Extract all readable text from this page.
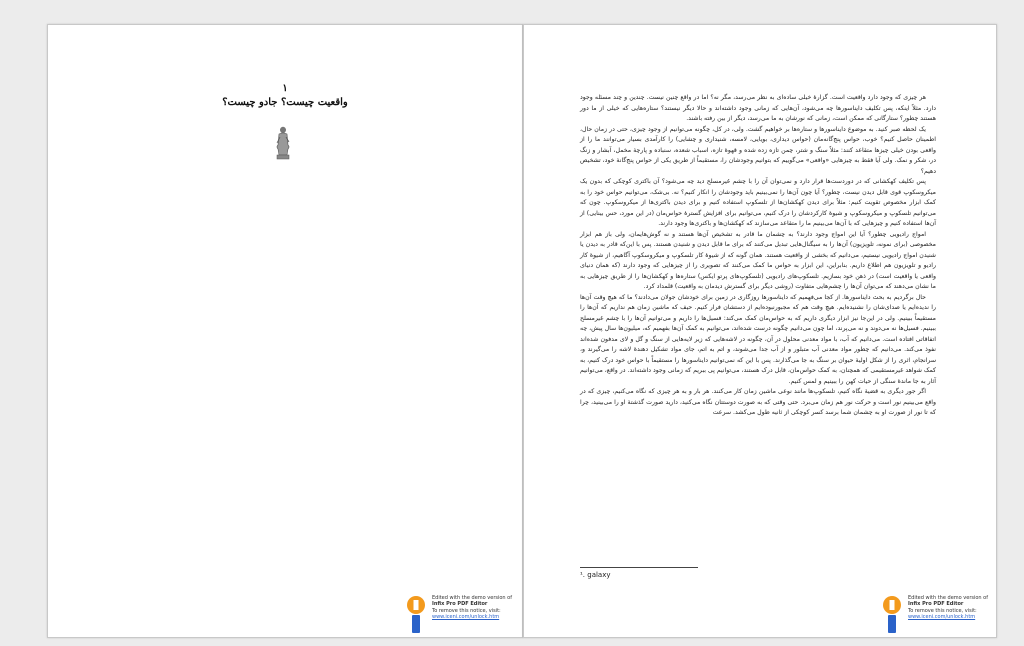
۱
واقعیت چیست؟ جادو چیست؟
Edited with the demo version of
Infix Pro PDF Editor
To remove this notice, visit:
www.iceni.com/unlock.htm

هر چیزی که وجود دارد واقعیت است. گزارۀ خیلی ساده‌ای به نظر می‌رسد، مگر نه؟ اما در واقع چنین نیست. چندین و چند مسئله وجود دارد. مثلاً اینکه، پس تکلیف دایناسورها چه می‌شود، آن‌هایی که زمانی وجود داشته‌اند و حالا دیگر نیستند؟ ستاره‌هایی که خیلی از ما دور هستند چطور؟ ستارگانی که ممکن است، زمانی که نورشان به ما می‌رسد، دیگر از بین رفته باشند.

یک لحظه صبر کنید. به موضوع دایناسورها و ستاره‌ها بر خواهیم گشت. ولی، در کل، چگونه می‌توانیم از وجود چیزی، حتی در زمان حال، اطمینان حاصل کنیم؟ خوب، حواس پنج‌گانه‌مان (حواس دیداری، بویایی، لامسه، شنیداری و چشایی) را کارآمدی بسیار می‌توانند ما را از واقعی بودن خیلی چیزها متقاعد کنند: مثلاً سنگ و شتر، چمن تازه زده شده و قهوۀ تازه، اسباب شعده، سنباده و پارچۀ مخمل، آبشار و زنگ در، شکر و نمک. ولی آیا فقط به چیزهایی «واقعی» می‌گوییم که بتوانیم وجودشان را، مستقیماً از طریق یکی از حواس پنج‌گانۀ خود، تشخیص دهیم؟

پس تکلیف کهکشانی که در دوردست‌ها قرار دارد و نمی‌توان آن را با چشم غیرمسلح دید چه می‌شود؟ آن باکتری کوچکی که بدون یک میکروسکوپ قوی قابل دیدن نیست، چطور؟ آیا چون آن‌ها را نمی‌بینیم باید وجودشان را انکار کنیم؟ نه. بی‌شک، می‌توانیم حواس خود را به کمک ابزار مخصوص تقویت کنیم: مثلاً برای دیدن کهکشان‌ها از تلسکوپ استفاده کنیم و برای دیدن باکتری‌ها از میکروسکوپ. چون که می‌توانیم تلسکوپ و میکروسکوپ و شیوۀ کارکردشان را درک کنیم، می‌توانیم برای افزایش گسترۀ حواس‌مان (در این مورد، حس بینایی) از آن‌ها استفاده کنیم و چیزهایی که با آن‌ها می‌بینیم ما را متقاعد می‌سازند که کهکشان‌ها و باکتری‌ها وجود دارند.

امواج رادیویی چطور؟ آیا این امواج وجود دارند؟ به چشمان ما قادر به تشخیص آن‌ها هستند و نه گوش‌هایمان، ولی باز هم ابزار مخصوصی (برای نمونه، تلویزیون) آن‌ها را به سیگنال‌هایی تبدیل می‌کنند که برای ما قابل دیدن و شنیدن هستند. پس با این‌که قادر به دیدن یا شنیدن امواج رادیویی نیستیم، می‌دانیم که بخشی از واقعیت هستند. همان گونه که از شیوۀ کار تلسکوپ و میکروسکوپ آگاهیم، از شیوۀ کار رادیو و تلویزیون هم اطلاع داریم. بنابراین، این ابزار به حواس ما کمک می‌کنند که تصویری را از چیزهایی که وجود دارند (که همان دنیای واقعی یا واقعیت است) در ذهن خود بسازیم. تلسکوپ‌های رادیویی (تلسکوپ‌های پرتو ایکس) ستاره‌ها و کهکشان‌ها را از طریق چیزهایی به ما نشان می‌دهند که می‌توان آن‌ها را چشم‌هایی متفاوت (روشی دیگر برای گسترش دیدمان به واقعیت) قلمداد کرد.

حال برگردیم به بحث دایناسورها. از کجا می‌فهمیم که دایناسورها روزگاری در زمین برای خودشان جولان می‌دادند؟ ما که هیچ وقت آن‌ها را ندیده‌ایم یا صدای‌شان را نشنیده‌ایم. هیچ وقت هم که مجبورنبوده‌ایم از دستشان فرار کنیم. حیف که ماشین زمان هم نداریم که آن‌ها را مستقیماً ببینیم. ولی در این‌جا نیز ابزار دیگری داریم که به حواس‌مان کمک می‌کند: فسیل‌ها را داریم و می‌توانیم آن‌ها را با چشم غیرمسلح ببینیم. فسیل‌ها نه می‌دوند و نه می‌پرند، اما چون می‌دانیم چگونه درست شده‌اند، می‌توانیم به کمک آن‌ها بفهمیم که، میلیون‌ها سال پیش، چه اتفاقاتی افتاده است. می‌دانیم که آب، با مواد معدنی محلول در آن، چگونه در لاشه‌هایی که زیر لایه‌هایی از سنگ و گل و لای مدفون شده‌اند نفوذ می‌کند. می‌دانیم که چطور مواد معدنی آب متبلور و از آب جدا می‌شوند، و اتم به اتم، جای مواد تشکیل دهندۀ لاشه را می‌گیرند و، سرانجام، اثری را از شکل اولیۀ حیوان بر سنگ به جا می‌گذارند. پس با این که نمی‌توانیم دایناسورها را مستقیماً با حواس خود درک کنیم، به کمک شواهد غیرمستقیمی که همچنان، به کمک حواس‌مان، قابل درک هستند، می‌توانیم پی ببریم که زمانی وجود داشته‌اند. در واقع، می‌توانیم آثار به جا ماندۀ سنگی از حیات کهن را ببینیم و لمس کنیم.

اگر جور دیگری به قضیۀ نگاه کنیم، تلسکوپ‌ها مانند نوعی ماشین زمان کار می‌کنند. هر بار و به هر چیزی که نگاه می‌کنیم، چیزی که در واقع می‌بینیم نور است و حرکت نور هم زمان می‌برد. حتی وقتی که به صورت دوستتان نگاه می‌کنید، دارید صورت گذشتۀ او را می‌بینید، چرا که تا نور از صورت او به چشمان شما برسد کسر کوچکی از ثانیه طول می‌کشد. سرعت

¹. galaxy
Edited with the demo version of
Infix Pro PDF Editor
To remove this notice, visit:
www.iceni.com/unlock.htm
